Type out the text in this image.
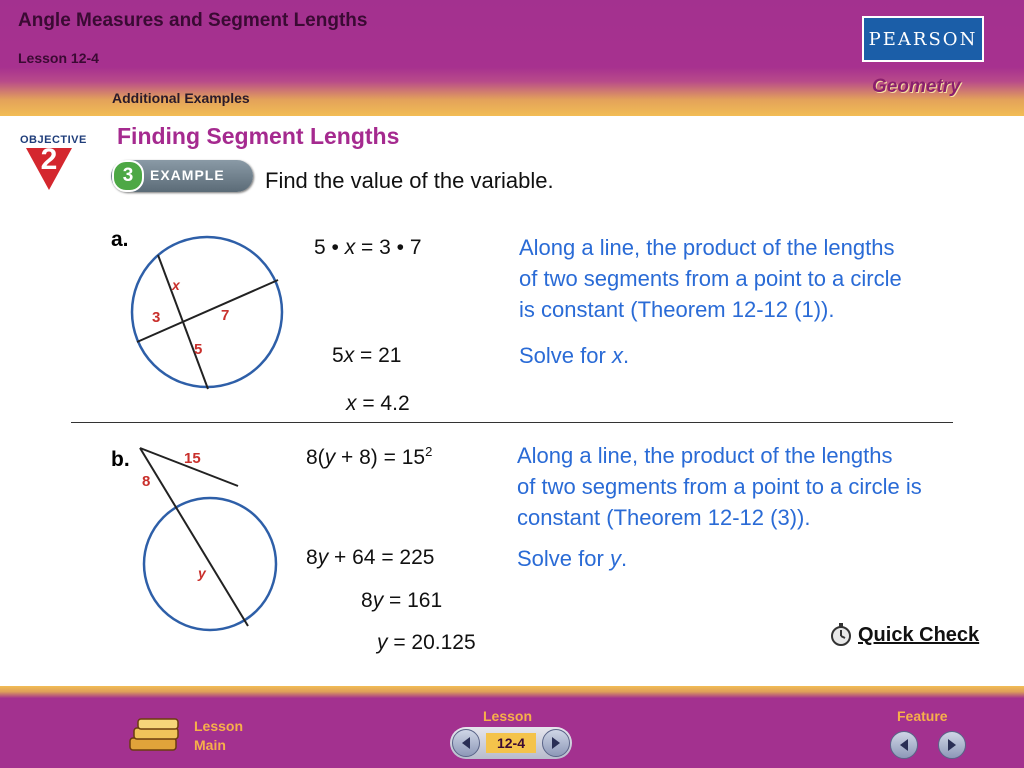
Angle Measures and Segment Lengths
Lesson 12-4
Additional Examples
PEARSON
Geometry
OBJECTIVE
2
Finding Segment Lengths
3	EXAMPLE Find the value of the variable.
a.
x
3	7
5
5 • x = 3 • 7
5x = 21
x = 4.2
Along a line, the product of the lengths
of two segments from a point to a circle
is constant (Theorem 12-12 (1)).
Solve for x.
b.	15
8
y
$8(y + 8) = 15^2$
8y + 64 = 225
8y = 161
y = 20.125
Along a line, the product of the lengths
of two segments from a point to a circle is
constant (Theorem 12-12 (3)).
Solve for y.
Quick Check
Lesson
Main
Lesson
12-4
Feature
